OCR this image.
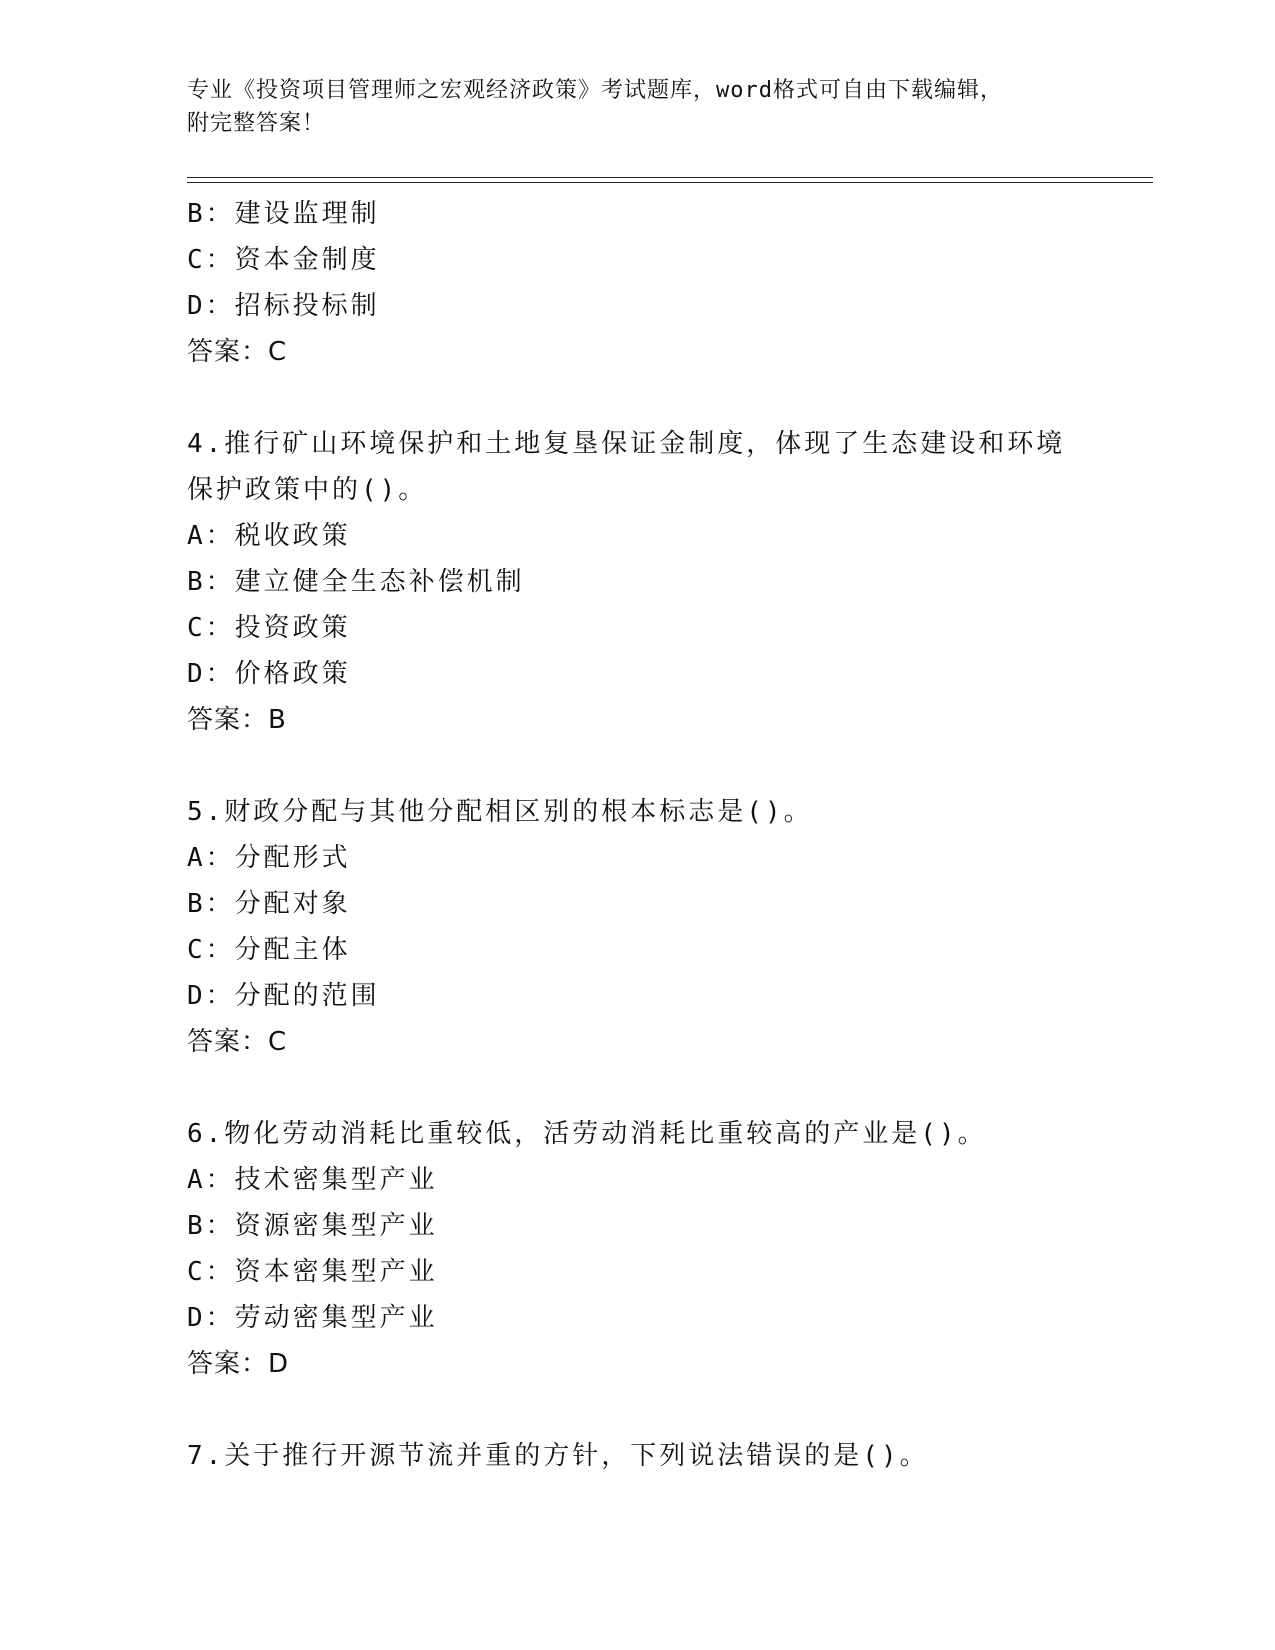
专业《投资项目管理师之宏观经济政策》考试题库，word格式可自由下载编辑，
附完整答案！
B：建设监理制
C：资本金制度
D：招标投标制
答案：C
4.推行矿山环境保护和土地复垦保证金制度，体现了生态建设和环境
保护政策中的()。
A：税收政策
B：建立健全生态补偿机制
C：投资政策
D：价格政策
答案：B
5.财政分配与其他分配相区别的根本标志是()。
A：分配形式
B：分配对象
C：分配主体
D：分配的范围
答案：C
6.物化劳动消耗比重较低，活劳动消耗比重较高的产业是()。
A：技术密集型产业
B：资源密集型产业
C：资本密集型产业
D：劳动密集型产业
答案：D
7.关于推行开源节流并重的方针，下列说法错误的是()。
